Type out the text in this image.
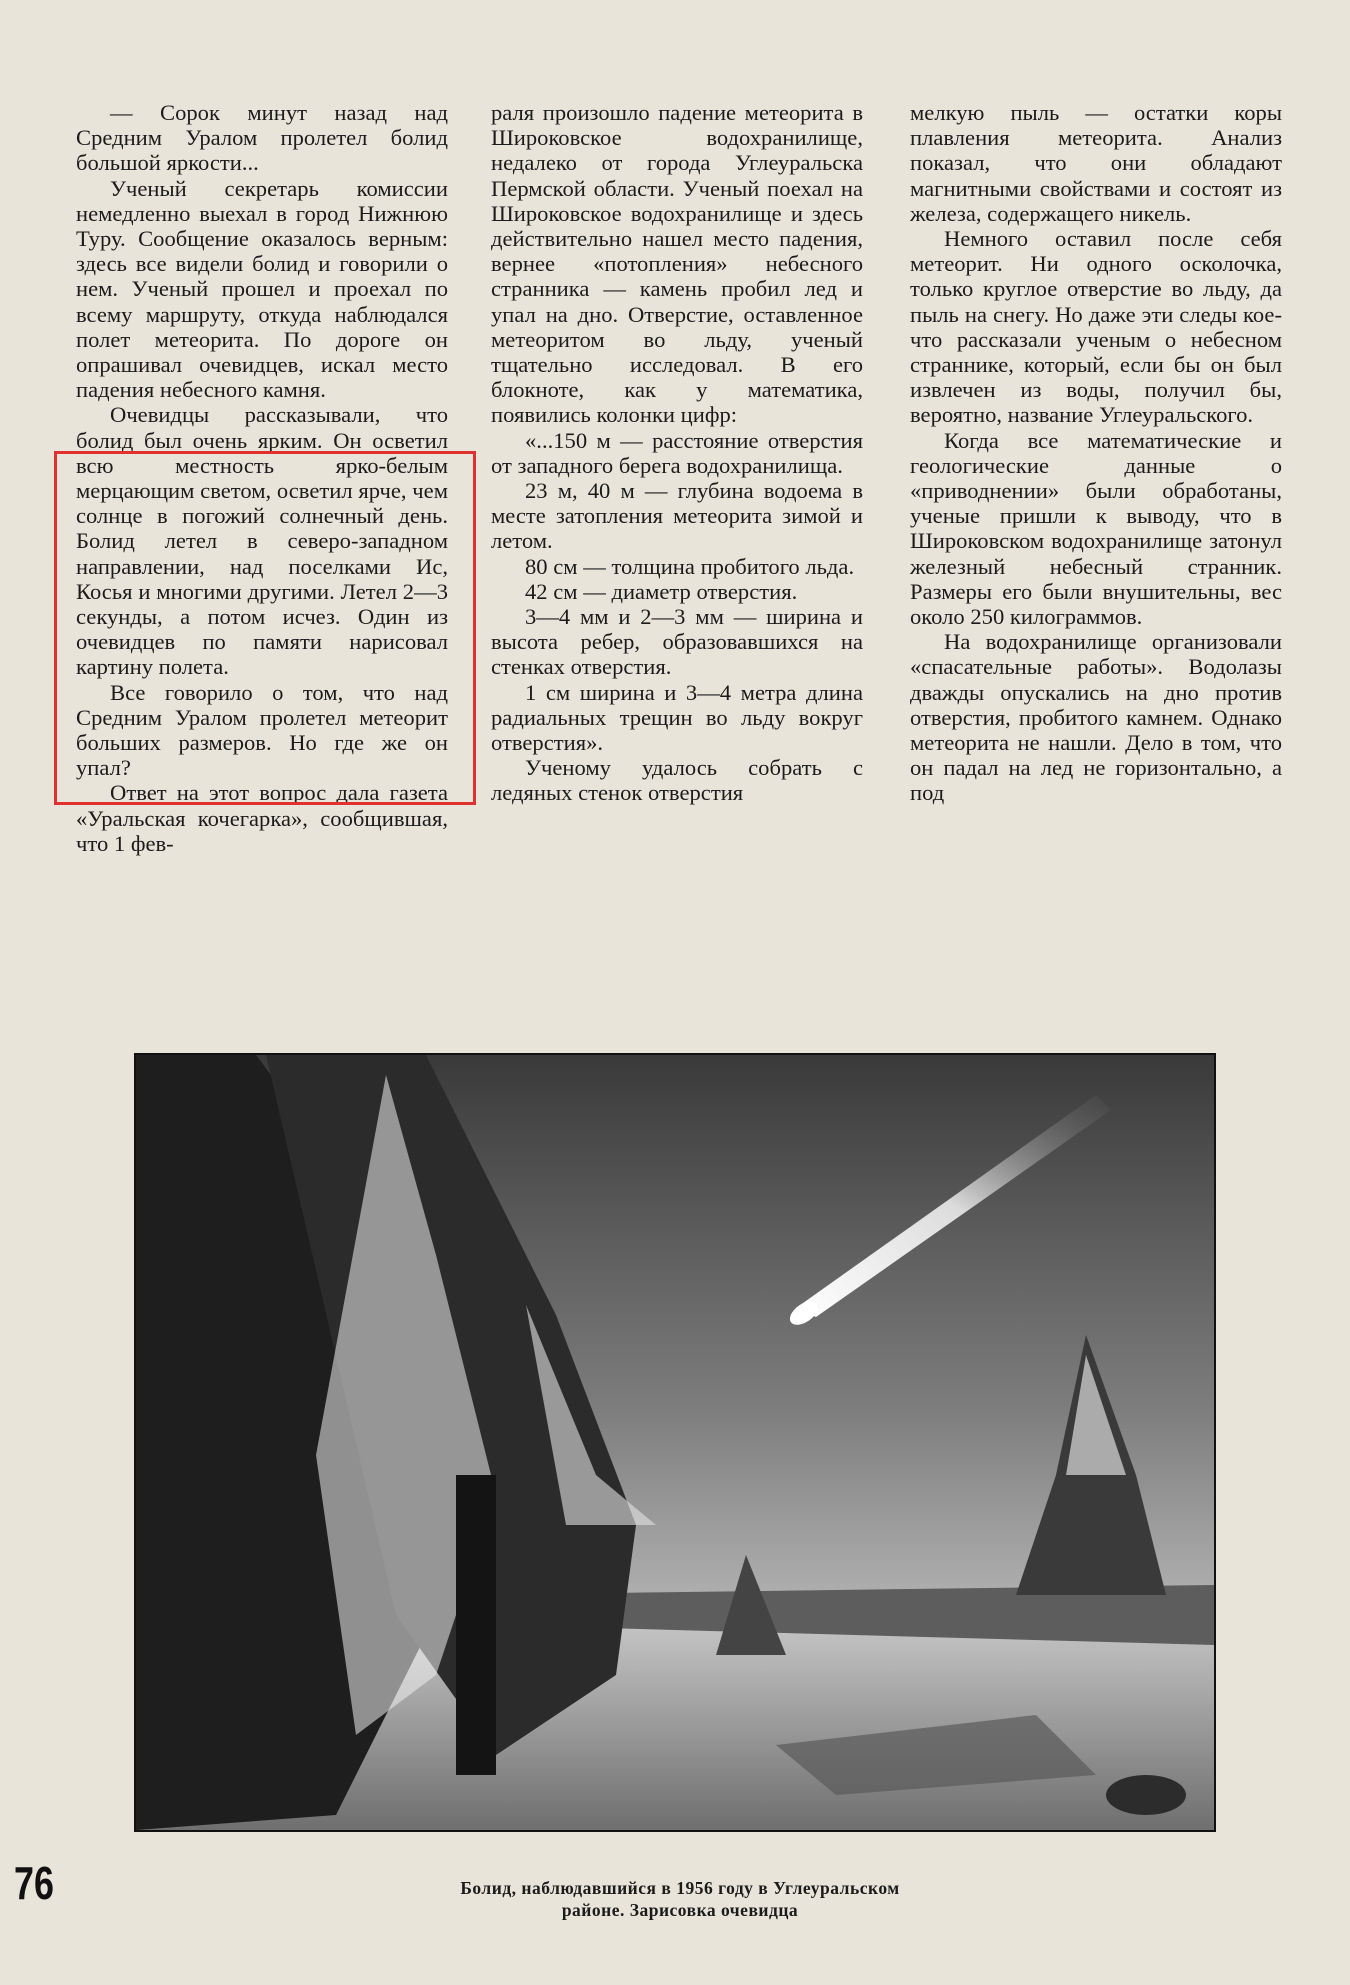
— Сорок минут назад над Средним Уралом пролетел болид большой яркости...

Ученый секретарь комиссии немедленно выехал в город Нижнюю Туру. Сообщение оказалось верным: здесь все видели болид и говорили о нем. Ученый прошел и проехал по всему маршруту, откуда наблюдался полет метеорита. По дороге он опрашивал очевидцев, искал место падения небесного камня.

Очевидцы рассказывали, что болид был очень ярким. Он осветил всю местность ярко-белым мерцающим светом, осветил ярче, чем солнце в погожий солнечный день. Болид летел в северо-западном направлении, над поселками Ис, Косья и многими другими. Летел 2—3 секунды, а потом исчез. Один из очевидцев по памяти нарисовал картину полета.

Все говорило о том, что над Средним Уралом пролетел метеорит больших размеров. Но где же он упал?

Ответ на этот вопрос дала газета «Уральская кочегарка», сообщившая, что 1 фев-

раля произошло падение метеорита в Широковское водохранилище, недалеко от города Углеуральска Пермской области. Ученый поехал на Широковское водохранилище и здесь действительно нашел место падения, вернее «потопления» небесного странника — камень пробил лед и упал на дно. Отверстие, оставленное метеоритом во льду, ученый тщательно исследовал. В его блокноте, как у математика, появились колонки цифр:

«...150 м — расстояние отверстия от западного берега водохранилища.

23 м, 40 м — глубина водоема в месте затопления метеорита зимой и летом.

80 см — толщина пробитого льда.

42 см — диаметр отверстия.

3—4 мм и 2—3 мм — ширина и высота ребер, образовавшихся на стенках отверстия.

1 см ширина и 3—4 метра длина радиальных трещин во льду вокруг отверстия».

Ученому удалось собрать с ледяных стенок отверстия

мелкую пыль — остатки коры плавления метеорита. Анализ показал, что они обладают магнитными свойствами и состоят из железа, содержащего никель.

Немного оставил после себя метеорит. Ни одного осколочка, только круглое отверстие во льду, да пыль на снегу. Но даже эти следы кое-что рассказали ученым о небесном страннике, который, если бы он был извлечен из воды, получил бы, вероятно, название Углеуральского.

Когда все математические и геологические данные о «приводнении» были обработаны, ученые пришли к выводу, что в Широковском водохранилище затонул железный небесный странник. Размеры его были внушительны, вес около 250 килограммов.

На водохранилище организовали «спасательные работы». Водолазы дважды опускались на дно против отверстия, пробитого камнем. Однако метеорита не нашли. Дело в том, что он падал на лед не горизонтально, а под

76	Болид, наблюдавшийся в 1956 году в Углеуральском
районе. Зарисовка очевидца
